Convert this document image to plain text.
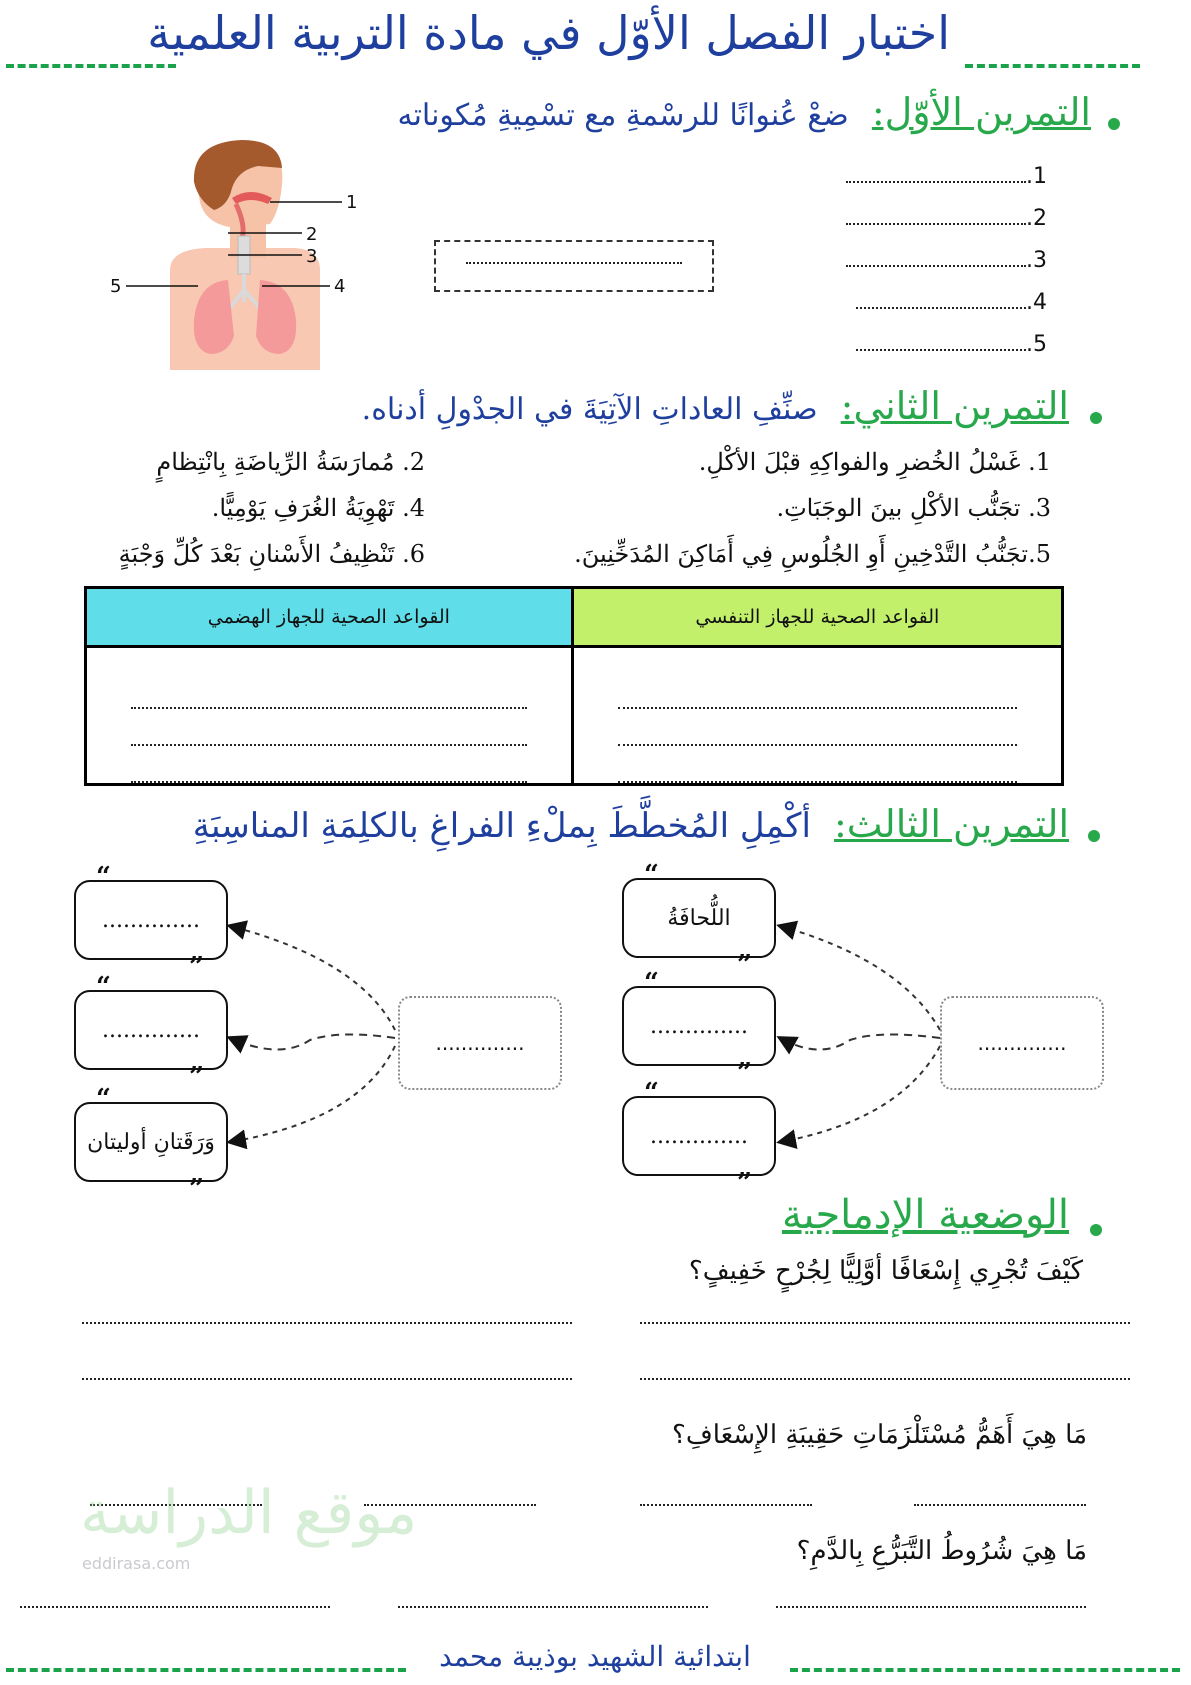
اختبار الفصل الأوّل في مادة التربية العلمية
التمرين الأوّل: ضعْ عُنوانًا للرسْمةِ مع تسْمِيةِ مُكوناته
1
2
3
4
5
1.
2.
3.
4.
5.
التمرين الثاني: صنِّفِ العاداتِ الآتِيَةَ في الجدْولِ أدناه.
1. غَسْلُ الخُضرِ والفواكِهِ قبْلَ الأكْلِ.
2. مُمارَسَةُ الرِّياضَةِ بِانْتِظامٍ
3. تجَنُّب الأكْلِ بينَ الوجَبَاتِ.
4. تَهْوِيَةُ الغُرَفِ يَوْمِيًّا.
5.تجَنُّبُ التَّدْخِينِ أَوِ الجُلُوسِ فِي أَمَاكِنَ المُدَخِّنِينَ.
6. تَنْظِيفُ الأَسْنانِ بَعْدَ كُلِّ وَجْبَةٍ
القواعد الصحية للجهاز التنفسي	القواعد الصحية للجهاز الهضمي

التمرين الثالث: أكْمِلِ المُخطَّطَ بِملْءِ الفراغِ بالكلِمَةِ المناسِبَةِ
..............
“
اللُّحافَةُ
”
“
..............
”
“
..............
”
..............
“
..............
”
“
..............
”
“
وَرَقَتانِ أوليتان
”
الوضعية الإدماجية
كَيْفَ تُجْرِي إِسْعَافًا أوَّلِيًّا لِجُرْحٍ خَفِيفٍ؟
مَا هِيَ أَهَمُّ مُسْتَلْزَمَاتِ حَقِيبَةِ الإِسْعَافِ؟
موقع الدراسة
eddirasa.com	مَا هِيَ شُرُوطُ التَّبَرُّعِ بِالدَّمِ؟
ابتدائية الشهيد بوذيبة محمد
